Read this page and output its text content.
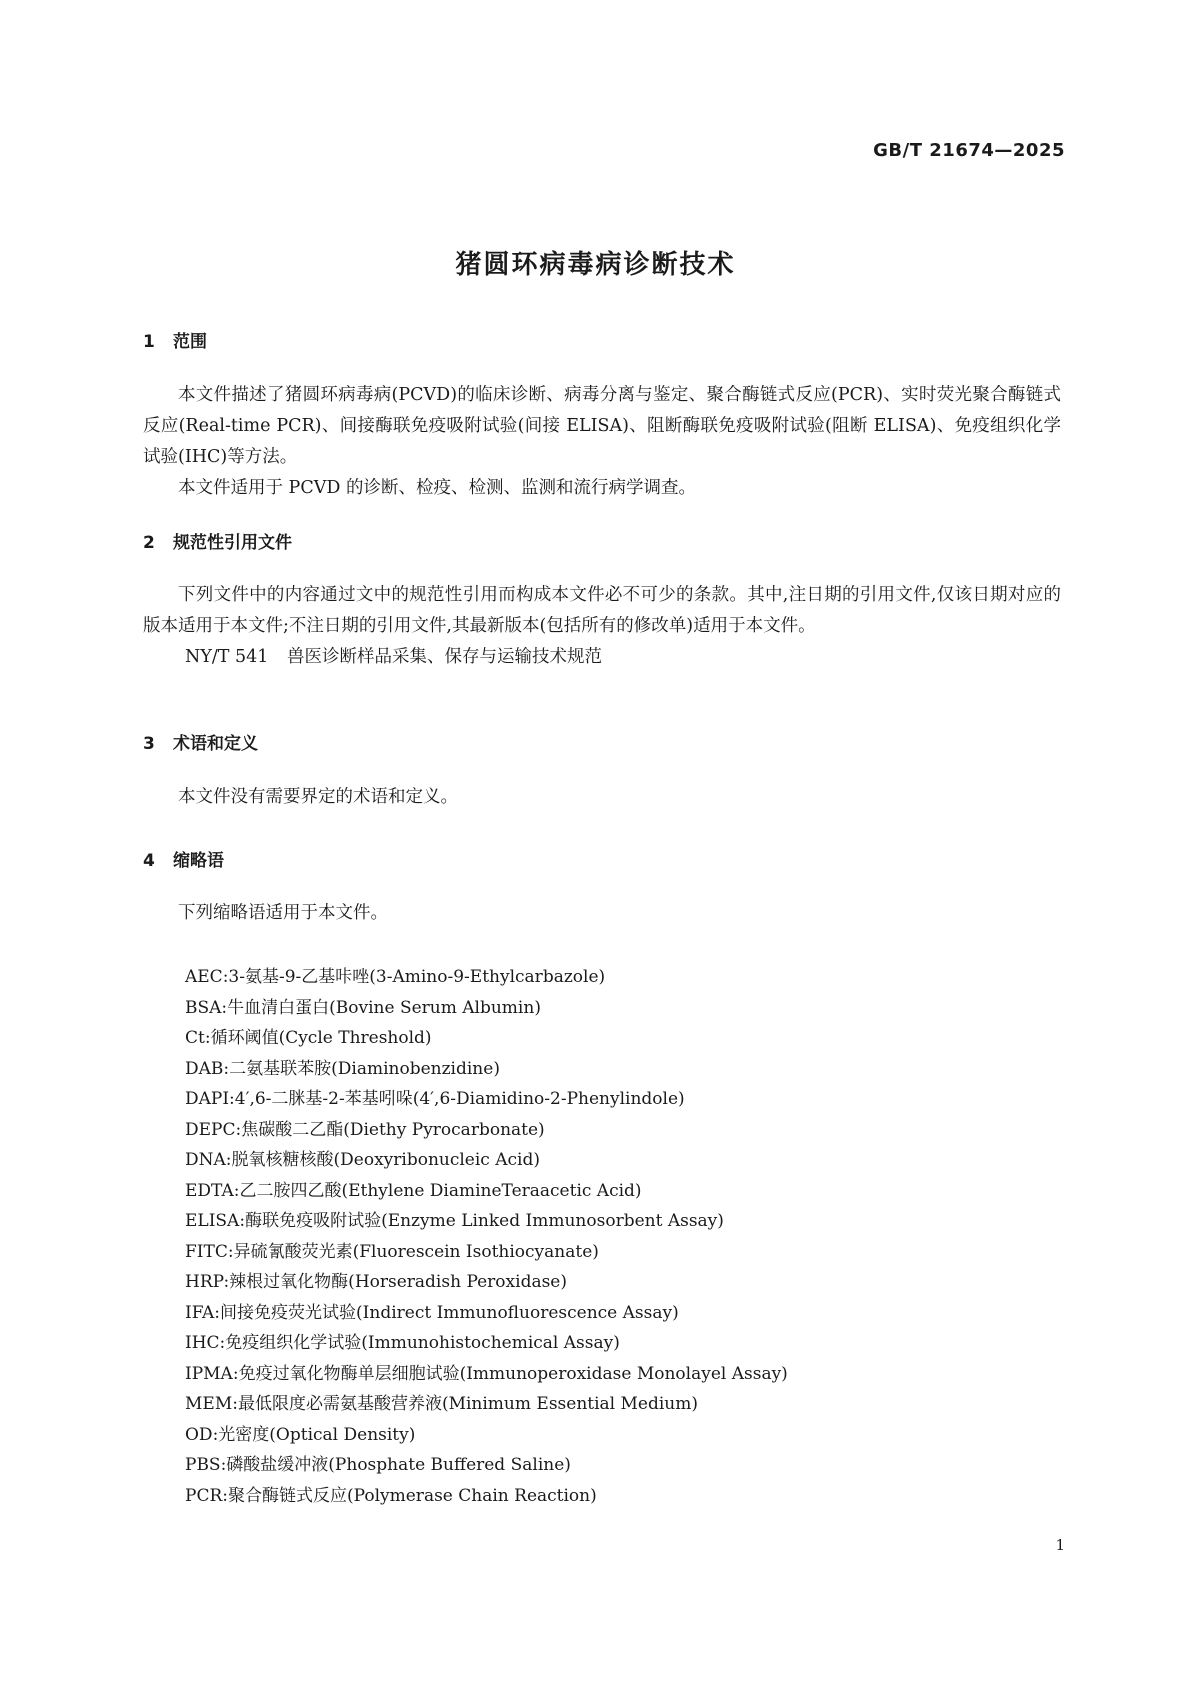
GB/T 21674—2025
猪圆环病毒病诊断技术
1 范围

本文件描述了猪圆环病毒病(PCVD)的临床诊断、病毒分离与鉴定、聚合酶链式反应(PCR)、实时荧光聚合酶链式反应(Real-time PCR)、间接酶联免疫吸附试验(间接 ELISA)、阻断酶联免疫吸附试验(阻断 ELISA)、免疫组织化学试验(IHC)等方法。

本文件适用于 PCVD 的诊断、检疫、检测、监测和流行病学调查。

2 规范性引用文件

下列文件中的内容通过文中的规范性引用而构成本文件必不可少的条款。其中,注日期的引用文件,仅该日期对应的版本适用于本文件;不注日期的引用文件,其最新版本(包括所有的修改单)适用于本文件。

NY/T 541 兽医诊断样品采集、保存与运输技术规范

3 术语和定义

本文件没有需要界定的术语和定义。

4 缩略语

下列缩略语适用于本文件。

AEC:3-氨基-9-乙基咔唑(3-Amino-9-Ethylcarbazole)
BSA:牛血清白蛋白(Bovine Serum Albumin)
Ct:循环阈值(Cycle Threshold)
DAB:二氨基联苯胺(Diaminobenzidine)
DAPI:4′,6-二脒基-2-苯基吲哚(4′,6-Diamidino-2-Phenylindole)
DEPC:焦碳酸二乙酯(Diethy Pyrocarbonate)
DNA:脱氧核糖核酸(Deoxyribonucleic Acid)
EDTA:乙二胺四乙酸(Ethylene DiamineTeraacetic Acid)
ELISA:酶联免疫吸附试验(Enzyme Linked Immunosorbent Assay)
FITC:异硫氰酸荧光素(Fluorescein Isothiocyanate)
HRP:辣根过氧化物酶(Horseradish Peroxidase)
IFA:间接免疫荧光试验(Indirect Immunofluorescence Assay)
IHC:免疫组织化学试验(Immunohistochemical Assay)
IPMA:免疫过氧化物酶单层细胞试验(Immunoperoxidase Monolayel Assay)
MEM:最低限度必需氨基酸营养液(Minimum Essential Medium)
OD:光密度(Optical Density)
PBS:磷酸盐缓冲液(Phosphate Buffered Saline)
PCR:聚合酶链式反应(Polymerase Chain Reaction)
1
